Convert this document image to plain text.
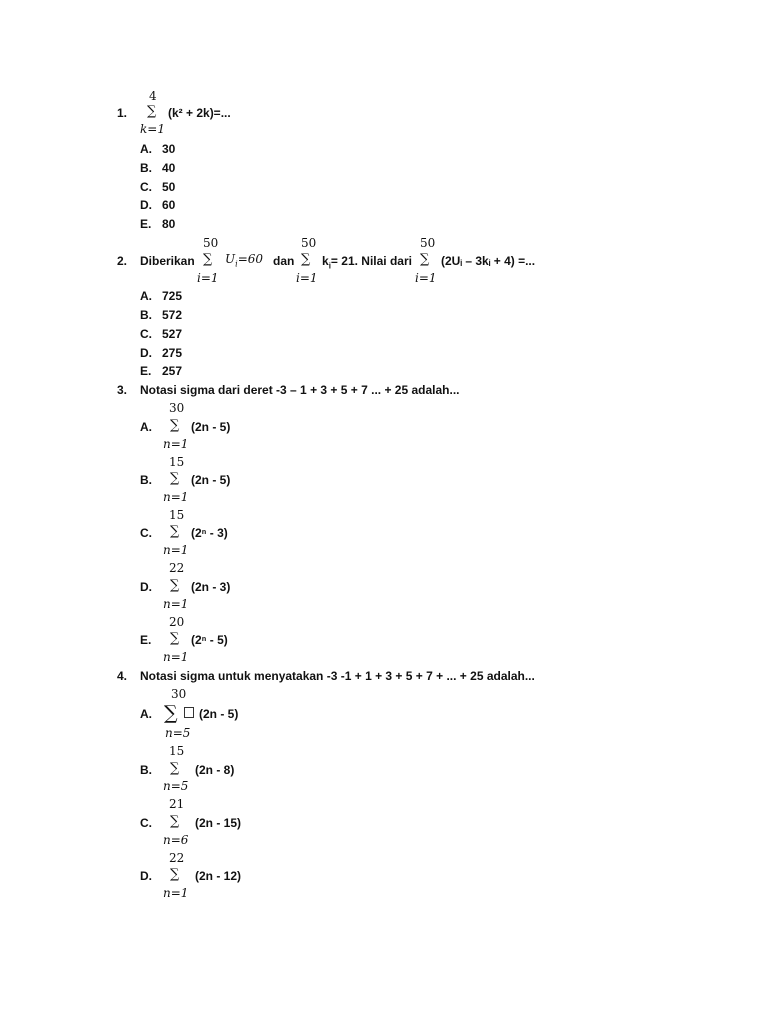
4
1. ∑ (k² + 2k)=...
k=1
A. 30
B. 40
C. 50
D. 60
E. 80
50	50	50
2. Diberikan ∑ $U_i=60$ dan ∑ $k_i= 21$. Nilai dari ∑ (2Uᵢ – 3kᵢ + 4) =...
i=1	i=1	i=1
A. 725
B. 572
C. 527
D. 275
E. 257
3. Notasi sigma dari deret -3 – 1 + 3 + 5 + 7 ... + 25 adalah...
30
A. ∑ (2n - 5)
n=1
15
B. ∑ (2n - 5)
n=1
15
C. ∑ (2ⁿ - 3)
n=1
22
D. ∑ (2n - 3)
n=1
20
E. ∑ (2ⁿ - 5)
n=1
4. Notasi sigma untuk menyatakan -3 -1 + 1 + 3 + 5 + 7 + ... + 25 adalah...
30
A. ∑ (2n - 5)
n=5
15
B. ∑ (2n - 8)
n=5
21
C. ∑ (2n - 15)
n=6
22
D. ∑ (2n - 12)
n=1
